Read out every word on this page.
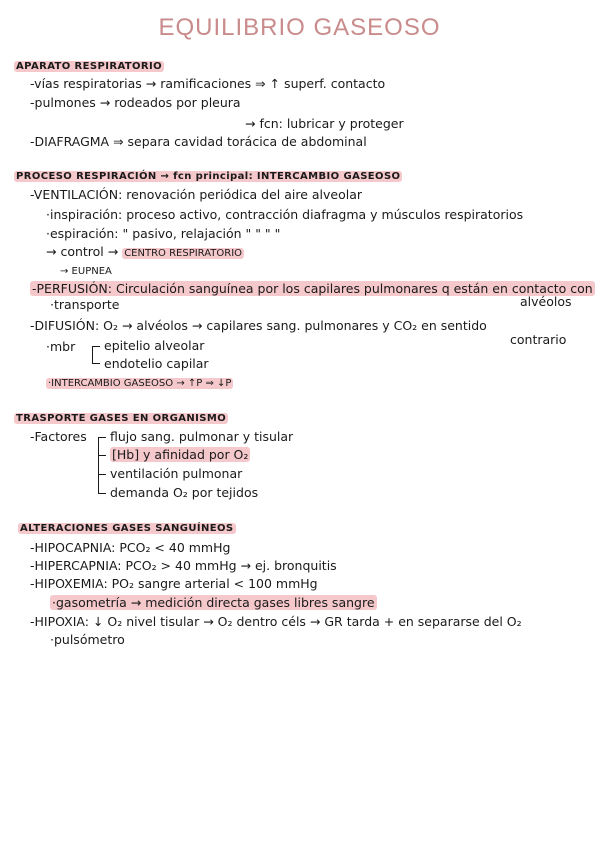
EQUILIBRIO GASEOSO
APARATO RESPIRATORIO
-vías respiratorias → ramificaciones ⇒ ↑ superf. contacto
-pulmones → rodeados por pleura
→ fcn: lubricar y proteger
-DIAFRAGMA ⇒ separa cavidad torácica de abdominal
PROCESO RESPIRACIÓN → fcn principal: INTERCAMBIO GASEOSO
-VENTILACIÓN: renovación periódica del aire alveolar
·inspiración: proceso activo, contracción diafragma y músculos respiratorios
·espiración: " pasivo, relajación " " " "
→ control → CENTRO RESPIRATORIO
→ EUPNEA
-PERFUSIÓN: Circulación sanguínea por los capilares pulmonares q están en contacto con
·transporte	alvéolos
-DIFUSIÓN: O₂ → alvéolos → capilares sang. pulmonares y CO₂ en sentido
contrario
·mbr epitelio alveolar
endotelio capilar
·INTERCAMBIO GASEOSO → ↑P ⇒ ↓P
TRASPORTE GASES EN ORGANISMO
-Factores flujo sang. pulmonar y tisular
[Hb] y afinidad por O₂
ventilación pulmonar
demanda O₂ por tejidos
ALTERACIONES GASES SANGUÍNEOS
-HIPOCAPNIA: PCO₂ < 40 mmHg
-HIPERCAPNIA: PCO₂ > 40 mmHg → ej. bronquitis
-HIPOXEMIA: PO₂ sangre arterial < 100 mmHg
·gasometría → medición directa gases libres sangre
-HIPOXIA: ↓ O₂ nivel tisular → O₂ dentro céls → GR tarda + en separarse del O₂
·pulsómetro
